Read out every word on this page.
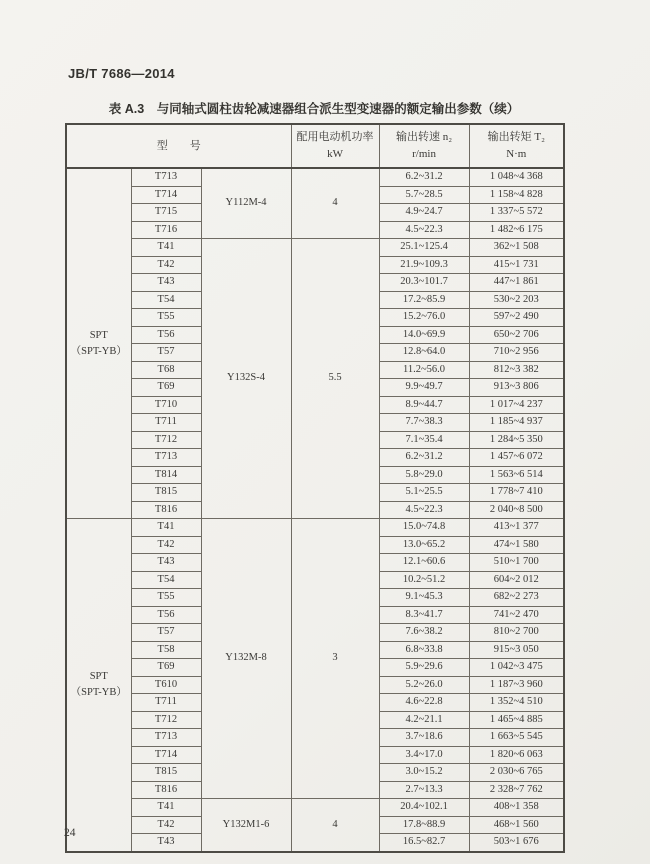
JB/T 7686—2014
表 A.3　与同轴式圆柱齿轮减速器组合派生型变速器的额定输出参数（续）
型　　号

配用电动机功率
kW

输出转速 n₂
r/min

输出转矩 T₂
N·m

SPT
（SPT-YB）	T713	Y112M-4	4	6.2~31.2	1 048~4 368
	T714			5.7~28.5	1 158~4 828
	T715			4.9~24.7	1 337~5 572
	T716			4.5~22.3	1 482~6 175
	T41	Y132S-4	5.5	25.1~125.4	362~1 508
	T42			21.9~109.3	415~1 731
	T43			20.3~101.7	447~1 861
	T54			17.2~85.9	530~2 203
	T55			15.2~76.0	597~2 490
	T56			14.0~69.9	650~2 706
	T57			12.8~64.0	710~2 956
	T68			11.2~56.0	812~3 382
	T69			9.9~49.7	913~3 806
	T710			8.9~44.7	1 017~4 237
	T711			7.7~38.3	1 185~4 937
	T712			7.1~35.4	1 284~5 350
	T713			6.2~31.2	1 457~6 072
	T814			5.8~29.0	1 563~6 514
	T815			5.1~25.5	1 778~7 410
	T816			4.5~22.3	2 040~8 500

SPT
（SPT-YB）	T41	Y132M-8	3	15.0~74.8	413~1 377
	T42			13.0~65.2	474~1 580
	T43			12.1~60.6	510~1 700
	T54			10.2~51.2	604~2 012
	T55			9.1~45.3	682~2 273
	T56			8.3~41.7	741~2 470
	T57			7.6~38.2	810~2 700
	T58			6.8~33.8	915~3 050
	T69			5.9~29.6	1 042~3 475
	T610			5.2~26.0	1 187~3 960
	T711			4.6~22.8	1 352~4 510
	T712			4.2~21.1	1 465~4 885
	T713			3.7~18.6	1 663~5 545
	T714			3.4~17.0	1 820~6 063
	T815			3.0~15.2	2 030~6 765
	T816			2.7~13.3	2 328~7 762
	T41	Y132M1-6	4	20.4~102.1	408~1 358
	T42			17.8~88.9	468~1 560
	T43			16.5~82.7	503~1 676
24
